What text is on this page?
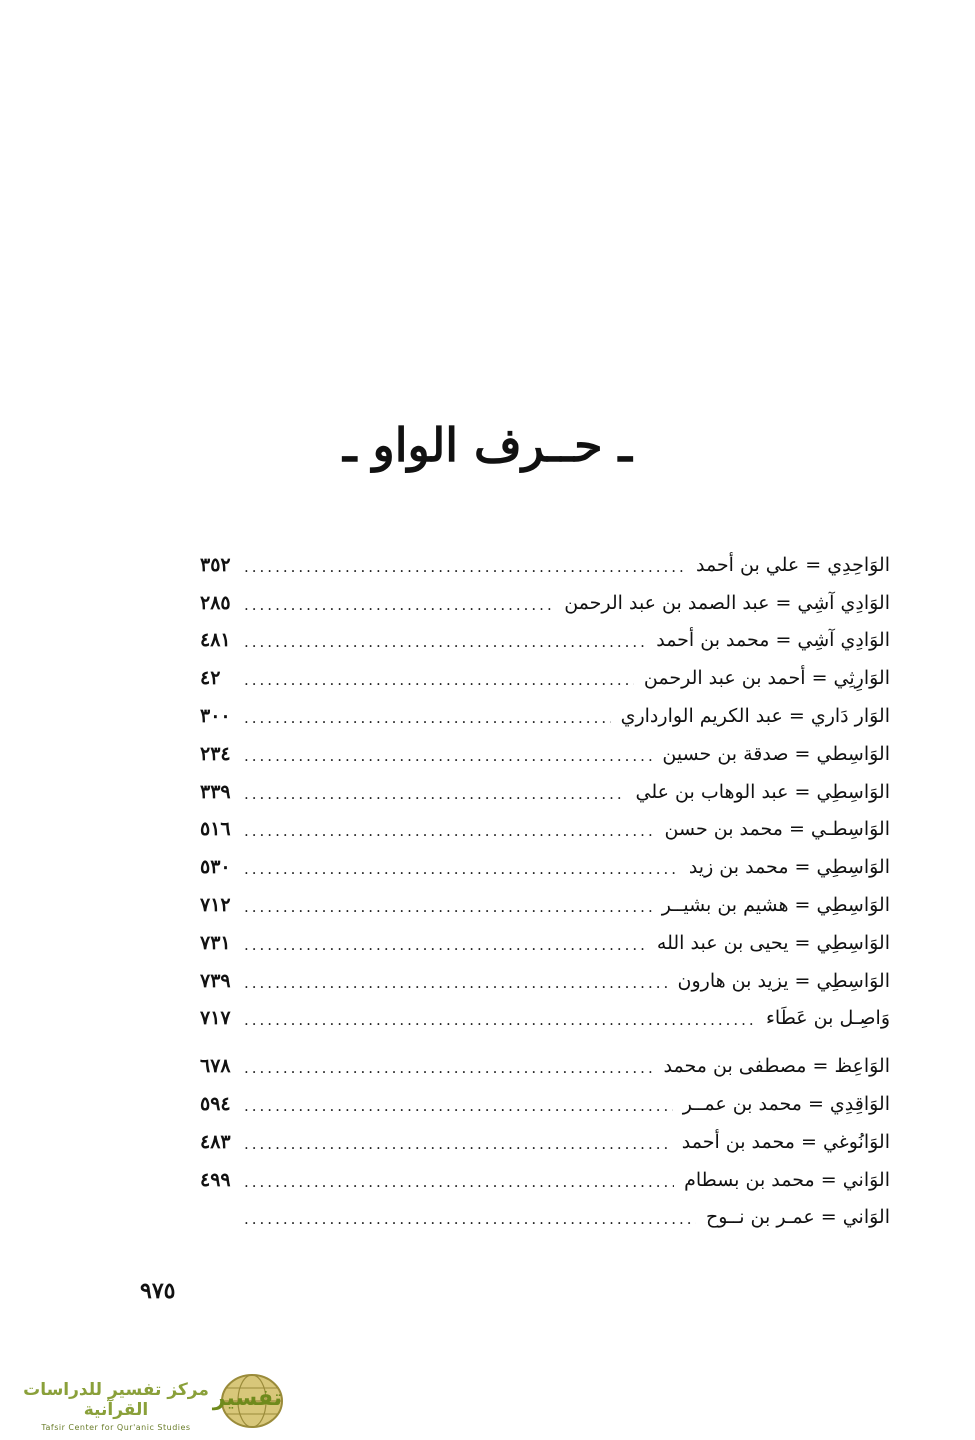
ـ حــرف الواو ـ
الوَاحِدِي = علي بن أحمد
.....
٣٥٢
الوَادِي آشِي = عبد الصمد بن عبد الرحمن
.....
٢٨٥
الوَادِي آشِي = محمد بن أحمد
.....
٤٨١
الوَارِثِي = أحمد بن عبد الرحمن
.....
٤٢
الوَار دَاري = عبد الكريم الوارداري
.....
٣٠٠
الوَاسِطي = صدقة بن حسين
.....
٢٣٤
الوَاسِطِي = عبد الوهاب بن علي
.....
٣٣٩
الوَاسِطـي = محمد بن حسن
.....
٥١٦
الوَاسِطِي = محمد بن زيد
.....
٥٣٠
الوَاسِطِي = هشيم بن بشيــر
.....
٧١٢
الوَاسِطِي = يحيى بن عبد الله
.....
٧٣١
الوَاسِطِي = يزيد بن هارون
.....
٧٣٩
وَاصِـل بن عَطَاء
.....
٧١٧
الوَاعِظ = مصطفى بن محمد
.....
٦٧٨
الوَاقِدِي = محمد بن عمــر
.....
٥٩٤
الوَانُوغي = محمد بن أحمد
.....
٤٨٣
الوَاني = محمد بن بسطام
.....
٤٩٩
الوَاني = عمـر بن نــوح
.....
٩٧٥
مركز تفسير للدراسات القرآنية
Tafsir Center for Qur'anic Studies
تفسير
